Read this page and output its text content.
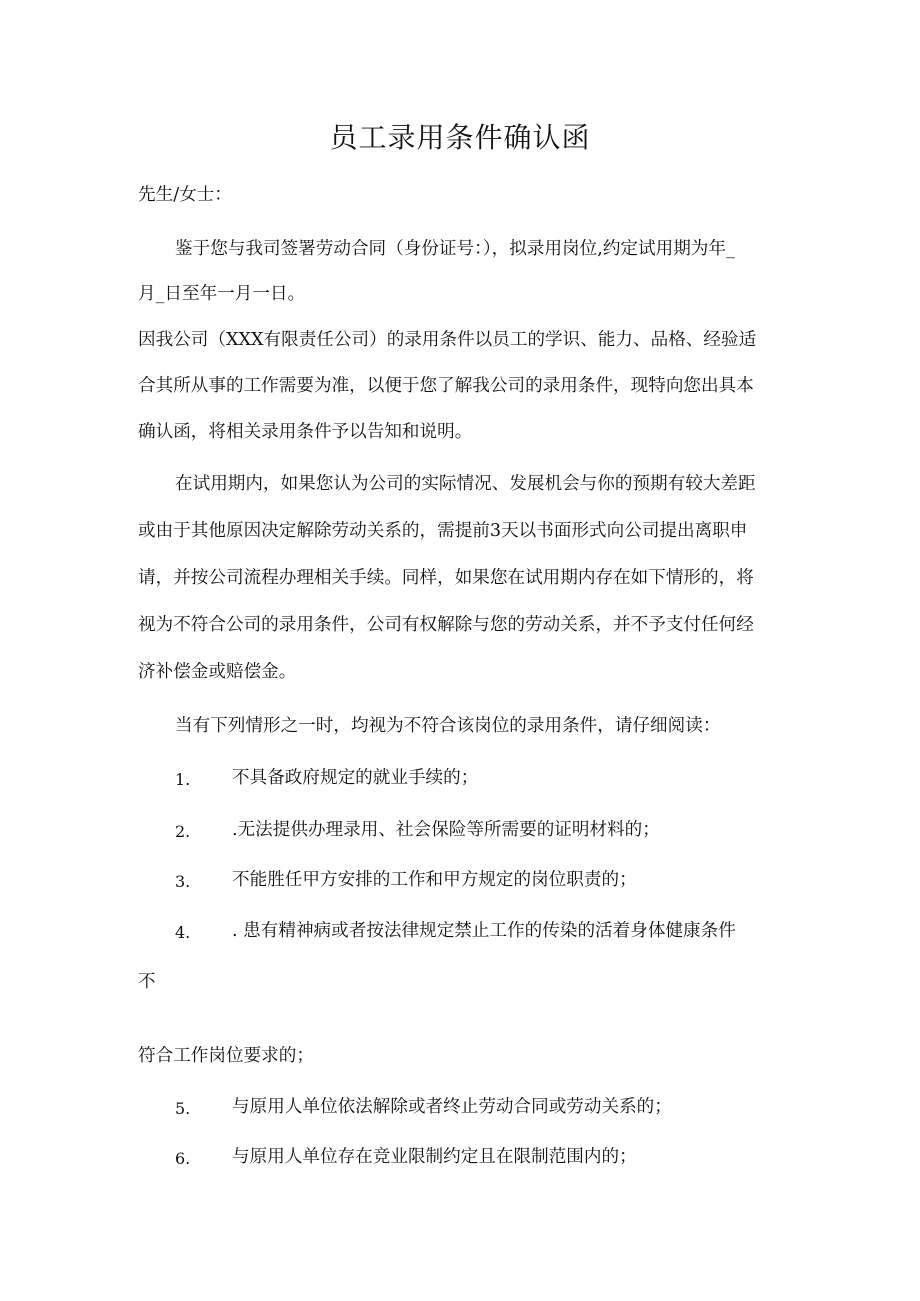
员工录用条件确认函
先生/女士：
鉴于您与我司签署劳动合同（身份证号：），拟录用岗位,约定试用期为年_
月_日至年一月一日。
因我公司（XXX有限责任公司）的录用条件以员工的学识、能力、品格、经验适
合其所从事的工作需要为准，以便于您了解我公司的录用条件，现特向您出具本
确认函，将相关录用条件予以告知和说明。
在试用期内，如果您认为公司的实际情况、发展机会与你的预期有较大差距
或由于其他原因决定解除劳动关系的，需提前3天以书面形式向公司提出离职申
请，并按公司流程办理相关手续。同样，如果您在试用期内存在如下情形的，将
视为不符合公司的录用条件，公司有权解除与您的劳动关系，并不予支付任何经
济补偿金或赔偿金。
当有下列情形之一时，均视为不符合该岗位的录用条件，请仔细阅读：
1. 不具备政府规定的就业手续的；
2. .无法提供办理录用、社会保险等所需要的证明材料的；
3. 不能胜任甲方安排的工作和甲方规定的岗位职责的；
4. . 患有精神病或者按法律规定禁止工作的传染的活着身体健康条件
不
符合工作岗位要求的；
5. 与原用人单位依法解除或者终止劳动合同或劳动关系的；
6. 与原用人单位存在竞业限制约定且在限制范围内的；
